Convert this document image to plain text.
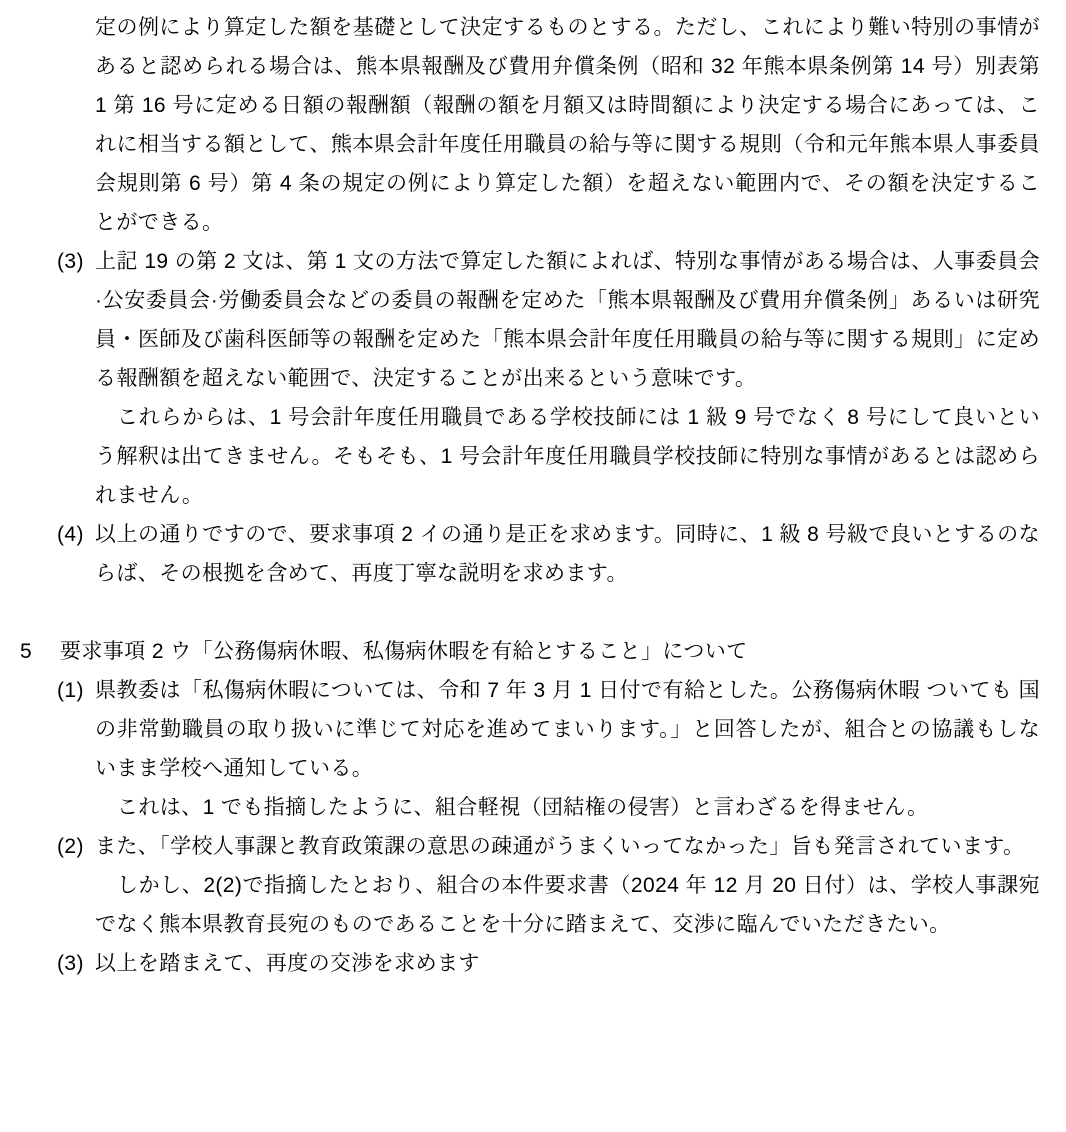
定の例により算定した額を基礎として決定するものとする。ただし、これにより難い特別の事情があると認められる場合は、熊本県報酬及び費用弁償条例（昭和 32 年熊本県条例第 14 号）別表第 1 第 16 号に定める日額の報酬額（報酬の額を月額又は時間額により決定する場合にあっては、これに相当する額として、熊本県会計年度任用職員の給与等に関する規則（令和元年熊本県人事委員会規則第 6 号）第 4 条の規定の例により算定した額）を超えない範囲内で、その額を決定することができる。

(3) 上記 19 の第 2 文は、第 1 文の方法で算定した額によれば、特別な事情がある場合は、人事委員会·公安委員会·労働委員会などの委員の報酬を定めた「熊本県報酬及び費用弁償条例」あるいは研究員・医師及び歯科医師等の報酬を定めた「熊本県会計年度任用職員の給与等に関する規則」に定める報酬額を超えない範囲で、決定することが出来るという意味です。

これらからは、1 号会計年度任用職員である学校技師には 1 級 9 号でなく 8 号にして良いという解釈は出てきません。そもそも、1 号会計年度任用職員学校技師に特別な事情があるとは認められません。

(4) 以上の通りですので、要求事項 2 イの通り是正を求めます。同時に、1 級 8 号級で良いとするのならば、その根拠を含めて、再度丁寧な説明を求めます。

5 要求事項 2 ウ「公務傷病休暇、私傷病休暇を有給とすること」について

(1) 県教委は「私傷病休暇については、令和 7 年 3 月 1 日付で有給とした。公務傷病休暇 ついても 国の非常勤職員の取り扱いに準じて対応を進めてまいります。」と回答したが、組合との協議もしないまま学校へ通知している。

これは、1 でも指摘したように、組合軽視（団結権の侵害）と言わざるを得ません。

(2) また、「学校人事課と教育政策課の意思の疎通がうまくいってなかった」旨も発言されています。

しかし、2(2)で指摘したとおり、組合の本件要求書（2024 年 12 月 20 日付）は、学校人事課宛でなく熊本県教育長宛のものであることを十分に踏まえて、交渉に臨んでいただきたい。

(3) 以上を踏まえて、再度の交渉を求めます
